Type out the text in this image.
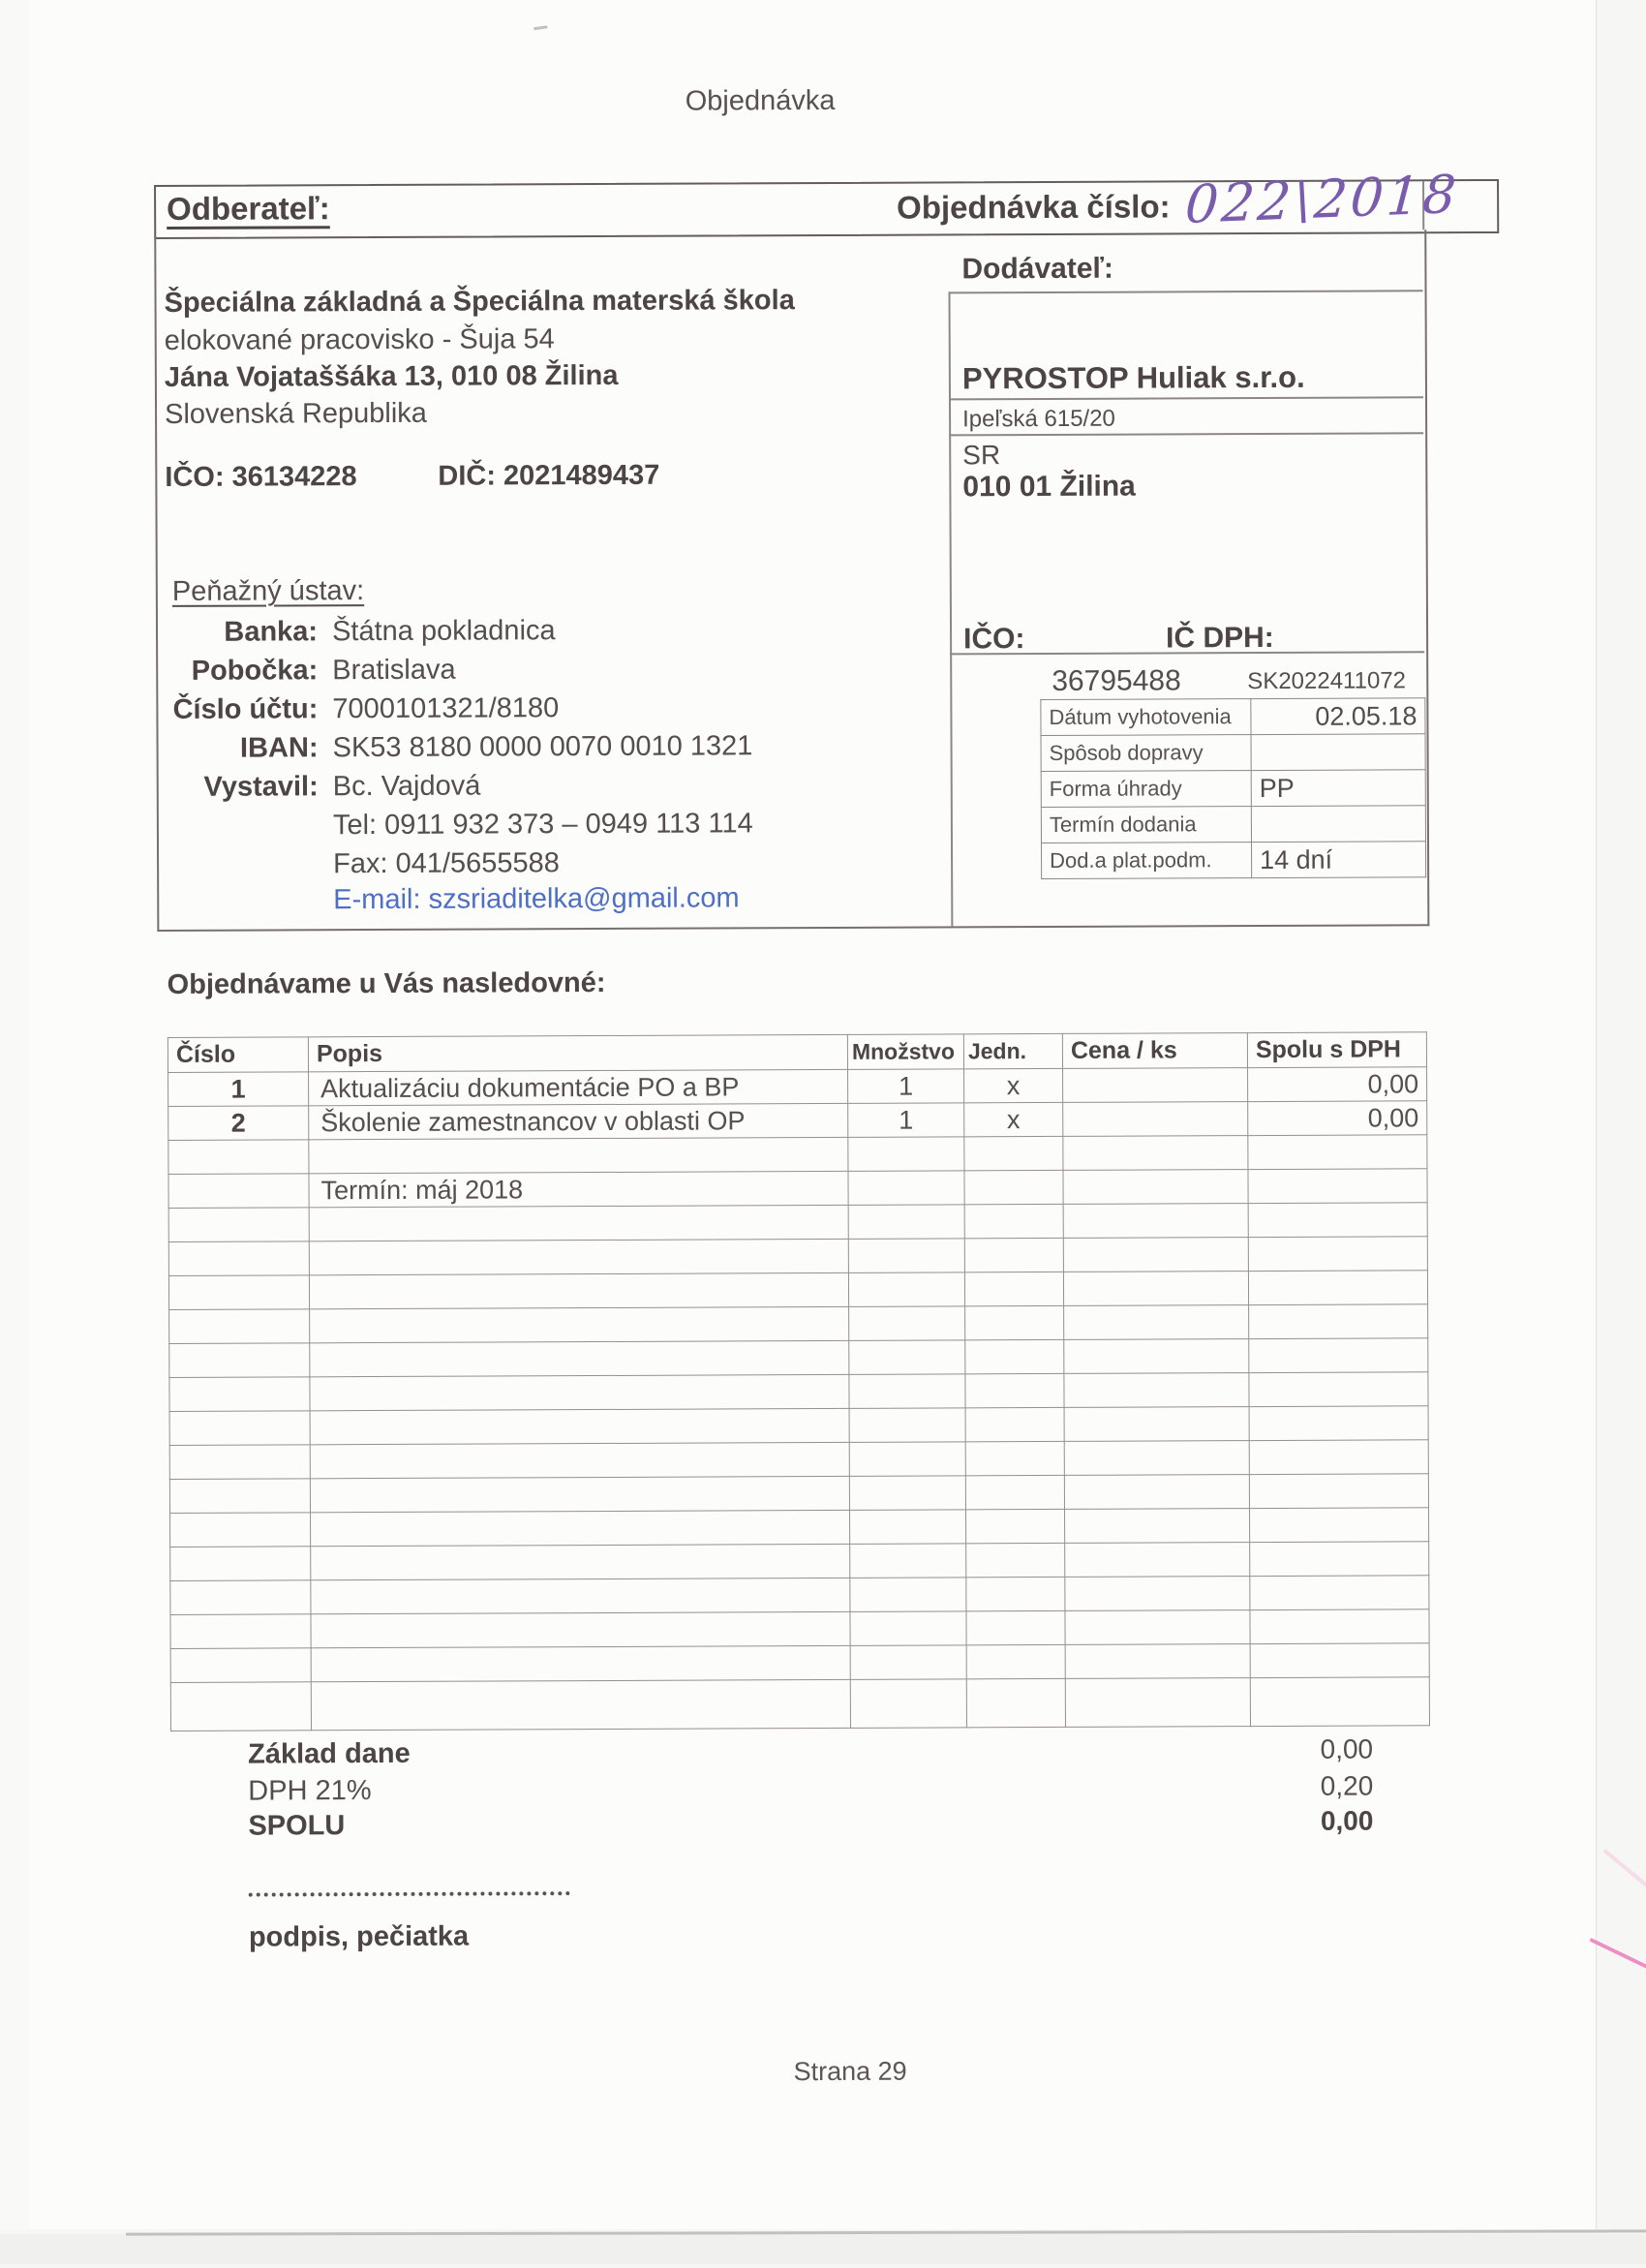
Objednávka
Odberateľ:	Objednávka číslo: 022\2018
Špeciálna základná a Špeciálna materská škola
elokované pracovisko - Šuja 54
Jána Vojataššáka 13, 010 08 Žilina
Slovenská Republika
IČO: 36134228	DIČ: 2021489437
Peňažný ústav:
Banka: Štátna pokladnica
Pobočka: Bratislava
Číslo účtu: 7000101321/8180
IBAN: SK53 8180 0000 0070 0010 1321
Vystavil: Bc. Vajdová
Tel: 0911 932 373 – 0949 113 114
Fax: 041/5655588
E-mail: szsriaditelka@gmail.com
Dodávateľ:
PYROSTOP Huliak s.r.o.
Ipeľská 615/20
SR
010 01 Žilina
IČO:	IČ DPH:
36795488	SK2022411072
Dátum vyhotovenia	02.05.18
Spôsob dopravy	
Forma úhrady	PP
Termín dodania	
Dod.a plat.podm.	14 dní
Objednávame u Vás nasledovné:
Číslo	Popis	Množstvo	Jedn.	Cena / ks	Spolu s DPH
1	Aktualizáciu dokumentácie PO a BP	1	x		0,00
2	Školenie zamestnancov v oblasti OP	1	x		0,00

	Termín: máj 2018				

Základ dane	0,00
DPH 21%	0,20
SPOLU	0,00
podpis, pečiatka
Strana 29
